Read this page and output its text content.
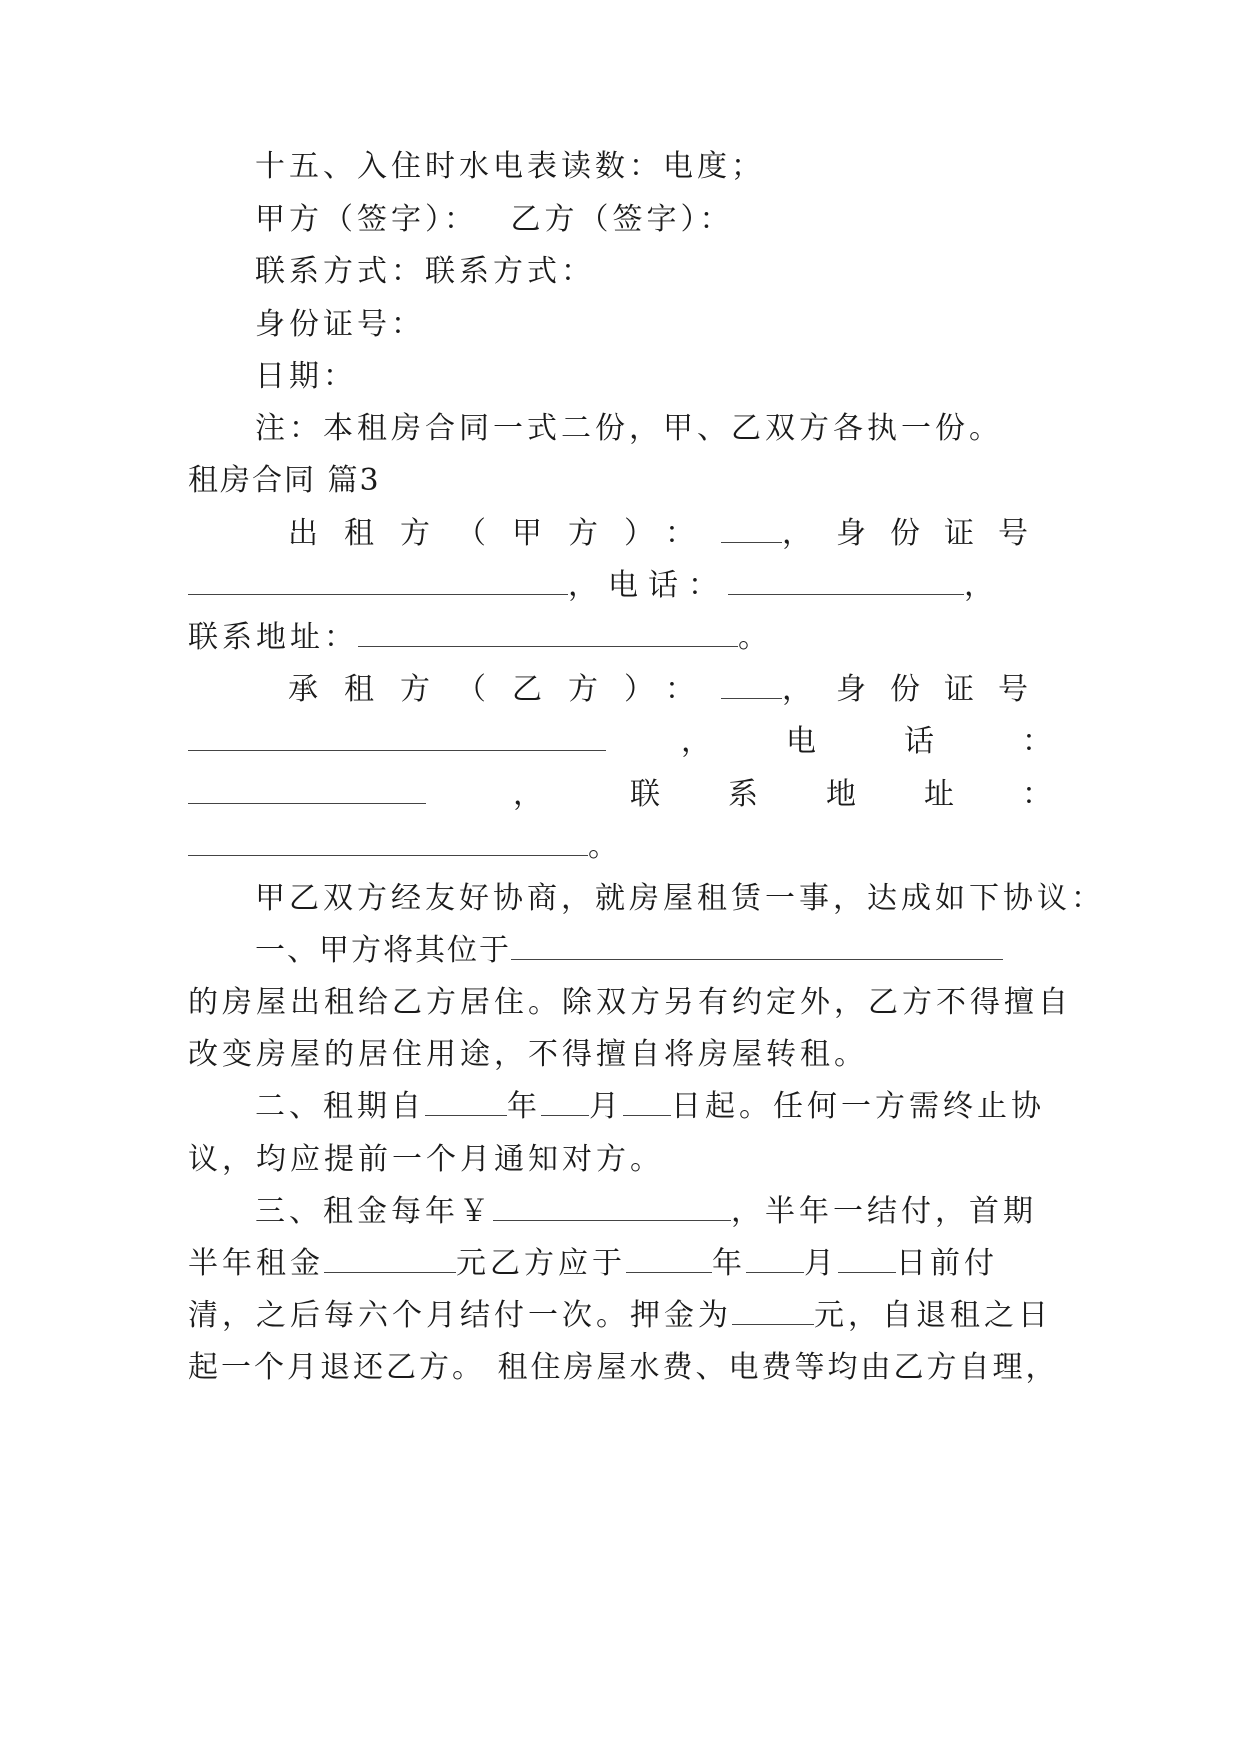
十五、入住时水电表读数：电度；
甲方（签字）：　 乙方（签字）：
联系方式：联系方式：
身份证号：
日期：
注：本租房合同一式二份，甲、乙双方各执一份。
租房合同 篇3
出租方（甲方）： ，身份证号
，电话：	，
联系地址：	。
承租方（乙方）： ，身份证号
，	电话：
，	联系地址：
。
甲乙双方经友好协商，就房屋租赁一事，达成如下协议：
一、甲方将其位于
的房屋出租给乙方居住。除双方另有约定外，乙方不得擅自
改变房屋的居住用途，不得擅自将房屋转租。
二、租期自	年 月 日起。任何一方需终止协
议，均应提前一个月通知对方。
三、租金每年￥	，半年一结付，首期
半年租金	元乙方应于	年 月 日前付
清，之后每六个月结付一次。押金为	元，自退租之日
起一个月退还乙方。 租住房屋水费、电费等均由乙方自理，
